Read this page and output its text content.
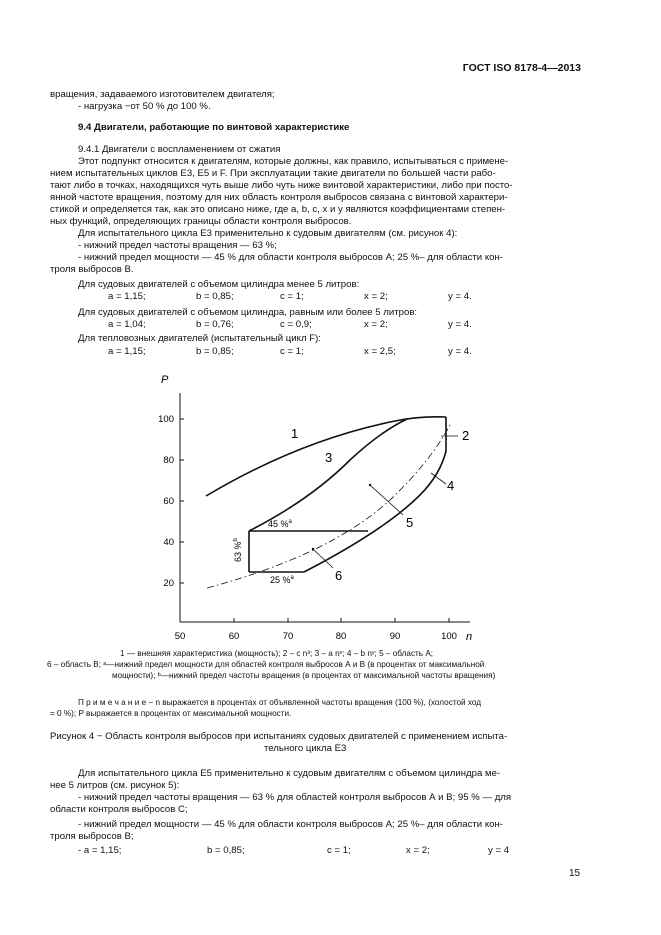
ГОСТ ISO 8178-4—2013
вращения, задаваемого изготовителем двигателя;
- нагрузка −от 50 % до 100 %.
9.4 Двигатели, работающие по винтовой характеристике
9.4.1 Двигатели с воспламенением от сжатия
Этот подпункт относится к двигателям, которые должны, как правило, испытываться с примене-
нием испытательных циклов Е3, Е5 и F. При эксплуатации такие двигатели по большей части рабо-
тают либо в точках, находящихся чуть выше либо чуть ниже винтовой характеристики, либо при посто-
янной частоте вращения, поэтому для них область контроля выбросов связана с винтовой характери-
стикой и определяется так, как это описано ниже, где a, b, c, x и y являются коэффициентами степен-
ных функций, определяющих границы области контроля выбросов.
Для испытательного цикла Е3 применительно к судовым двигателям (см. рисунок 4):
- нижний предел частоты вращения — 63 %;
- нижний предел мощности — 45 % для области контроля выбросов А; 25 %– для области кон-
троля выбросов В.
Для судовых двигателей с объемом цилиндра менее 5 литров:
a = 1,15;	b = 0,85;	c = 1;	x = 2;	y = 4.
Для судовых двигателей с объемом цилиндра, равным или более 5 литров:
a = 1,04;	b = 0,76;	c = 0,9;	x = 2;	y = 4.
Для тепловозных двигателей (испытательный цикл F):
a = 1,15;	b = 0,85;	c = 1;	x = 2,5;	y = 4.
P
n
100
80
60
40
20
50	60	70	80	90	100
45 %$^a$
25 %$^a$
63 %$^b$
1	2
3
4
5
6
1 — внешняя характеристика (мощность); 2 – c n³; 3 – a nˣ; 4 – b nʸ; 5 – область А;
6 – область В; ᵃ—нижний предел мощности для областей контроля выбросов А и В (в процентах от максимальной
мощности); ᵇ—нижний предел частоты вращения (в процентах от максимальной частоты вращения)
П р и м е ч а н и е − n выражается в процентах от объявленной частоты вращения (100 %), (холостой ход
= 0 %); P выражается в процентах от максимальной мощности.
Рисунок 4 − Область контроля выбросов при испытаниях судовых двигателей с применением испыта-
тельного цикла Е3
Для испытательного цикла Е5 применительно к судовым двигателям с объемом цилиндра ме-
нее 5 литров (см. рисунок 5):
- нижний предел частоты вращения — 63 % для областей контроля выбросов А и В; 95 % — для
области контроля выбросов С;
- нижний предел мощности — 45 % для области контроля выбросов А; 25 %– для области кон-
троля выбросов В;
- a = 1,15;	b = 0,85;	c = 1;	x = 2;	y = 4
15
